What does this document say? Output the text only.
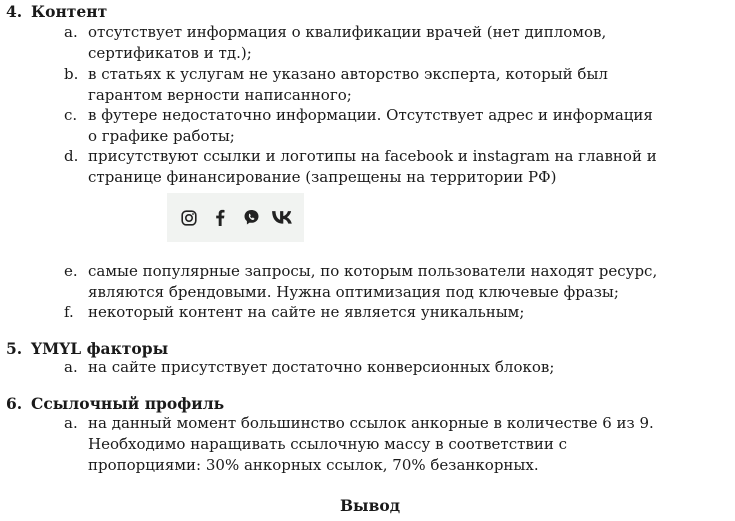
4. Контент
a. отсутствует информация о квалификации врачей (нет дипломов, сертификатов и тд.);
b. в статьях к услугам не указано авторство эксперта, который был гарантом верности написанного;
c. в футере недостаточно информации. Отсутствует адрес и информация о графике работы;
d. присутствуют ссылки и логотипы на facebook и instagram на главной и странице финансирование (запрещены на территории РФ)
e. самые популярные запросы, по которым пользователи находят ресурс, являются брендовыми. Нужна оптимизация под ключевые фразы;
f. некоторый контент на сайте не является уникальным;
5. YMYL факторы
a. на сайте присутствует достаточно конверсионных блоков;
6. Ссылочный профиль
a. на данный момент большинство ссылок анкорные в количестве 6 из 9. Необходимо наращивать ссылочную массу в соответствии с пропорциями: 30% анкорных ссылок, 70% безанкорных.
Вывод
